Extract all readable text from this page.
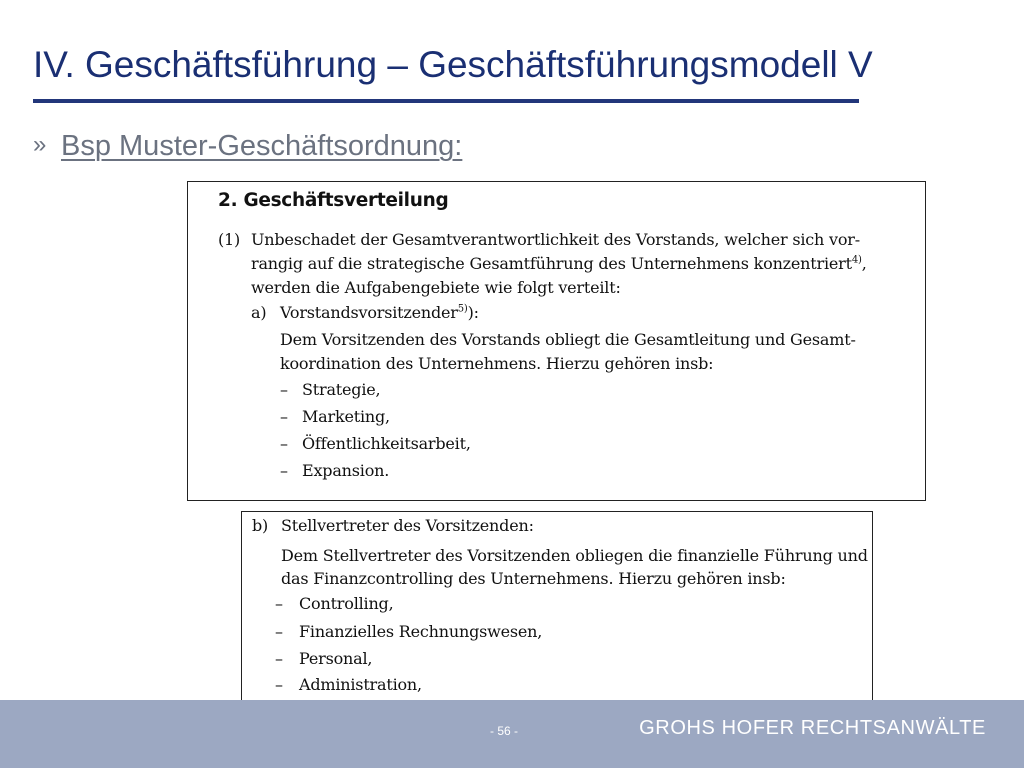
IV. Geschäftsführung – Geschäftsführungsmodell V
» Bsp Muster-Geschäftsordnung:
2. Geschäftsverteilung
(1) Unbeschadet der Gesamtverantwortlichkeit des Vorstands, welcher sich vor-
rangig auf die strategische Gesamtführung des Unternehmens konzentriert$^{4)}$,
werden die Aufgabengebiete wie folgt verteilt:
a) Vorstandsvorsitzender$^{5)}$):
Dem Vorsitzenden des Vorstands obliegt die Gesamtleitung und Gesamt-
koordination des Unternehmens. Hierzu gehören insb:
– Strategie,
– Marketing,
– Öffentlichkeitsarbeit,
– Expansion.
b) Stellvertreter des Vorsitzenden:
Dem Stellvertreter des Vorsitzenden obliegen die finanzielle Führung und
das Finanzcontrolling des Unternehmens. Hierzu gehören insb:
– Controlling,
– Finanzielles Rechnungswesen,
– Personal,
– Administration,
- 56 -	GROHS HOFER RECHTSANWÄLTE
